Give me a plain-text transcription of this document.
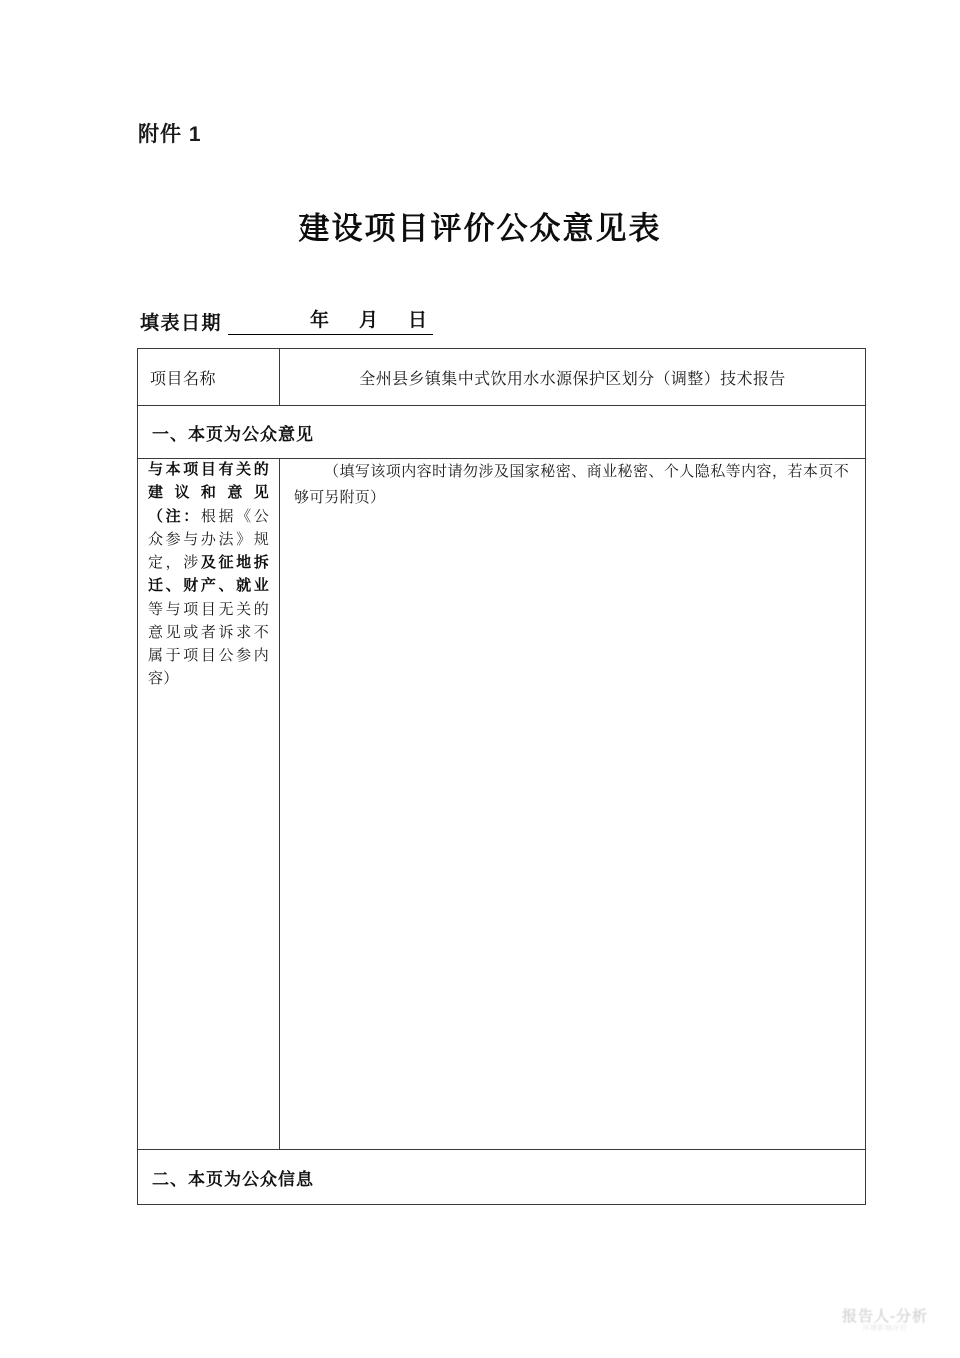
附件 1
建设项目评价公众意见表
填表日期	年 月 日
项目名称	全州县乡镇集中式饮用水水源保护区划分（调整）技术报告

一、本页为公众意见	

与本项目有关的建议和意见（注：根据《公众参与办法》规定，涉及征地拆迁、财产、就业等与项目无关的意见或者诉求不属于项目公参内容）	（填写该项内容时请勿涉及国家秘密、商业秘密、个人隐私等内容，若本页不够可另附页）

二、本页为公众信息	
报告人-分析
环境影响评价
